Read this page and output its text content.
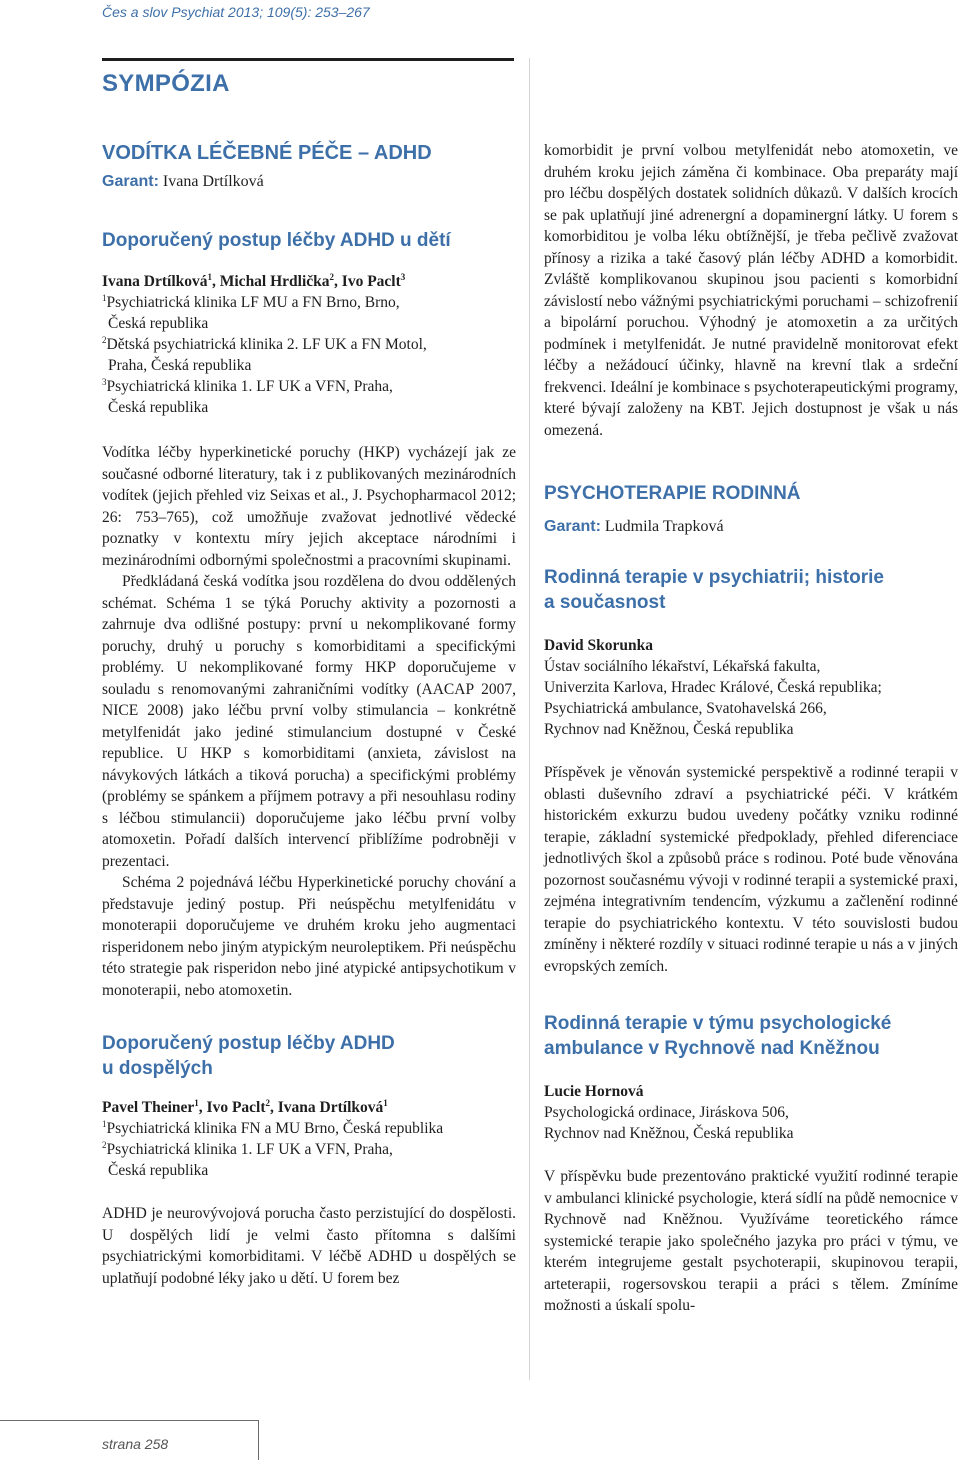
Čes a slov Psychiat 2013; 109(5): 253–267
SYMPÓZIA
VODÍTKA LÉČEBNÉ PÉČE – ADHD

Garant: Ivana Drtílková

Doporučený postup léčby ADHD u dětí

Ivana Drtílková$^1$, Michal Hrdlička$^2$, Ivo Paclt$^3$

$^1$Psychiatrická klinika LF MU a FN Brno, Brno,
Česká republika

$^2$Dětská psychiatrická klinika 2. LF UK a FN Motol,
Praha, Česká republika

$^3$Psychiatrická klinika 1. LF UK a VFN, Praha,
Česká republika

Vodítka léčby hyperkinetické poruchy (HKP) vycházejí jak ze současné odborné literatury, tak i z publikovaných mezinárodních vodítek (jejich přehled viz Seixas et al., J. Psychopharmacol 2012; 26: 753–765), což umožňuje zvažovat jednotlivé vědecké poznatky v kontextu míry jejich akceptace národními i mezinárodními odbornými společnostmi a pracovními skupinami.

Předkládaná česká vodítka jsou rozdělena do dvou oddělených schémat. Schéma 1 se týká Poruchy aktivity a pozornosti a zahrnuje dva odlišné postupy: první u nekomplikované formy poruchy, druhý u poruchy s komorbiditami a specifickými problémy. U nekomplikované formy HKP doporučujeme v souladu s renomovanými zahraničními vodítky (AACAP 2007, NICE 2008) jako léčbu první volby stimulancia – konkrétně metylfenidát jako jediné stimulancium dostupné v České republice. U HKP s komorbiditami (anxieta, závislost na návykových látkách a tiková porucha) a specifickými problémy (problémy se spánkem a příjmem potravy a při nesouhlasu rodiny s léčbou stimulancii) doporučujeme jako léčbu první volby atomoxetin. Pořadí dalších intervencí přiblížíme podrobněji v prezentaci.

Schéma 2 pojednává léčbu Hyperkinetické poruchy chování a představuje jediný postup. Při neúspěchu metylfenidátu v monoterapii doporučujeme ve druhém kroku jeho augmentaci risperidonem nebo jiným atypickým neuroleptikem. Při neúspěchu této strategie pak risperidon nebo jiné atypické antipsychotikum v monoterapii, nebo atomoxetin.

Doporučený postup léčby ADHD
u dospělých

Pavel Theiner$^1$, Ivo Paclt$^2$, Ivana Drtílková$^1$

$^1$Psychiatrická klinika FN a MU Brno, Česká republika

$^2$Psychiatrická klinika 1. LF UK a VFN, Praha,
Česká republika

ADHD je neurovývojová porucha často perzistující do dospělosti. U dospělých lidí je velmi často přítomna s dalšími psychiatrickými komorbiditami. V léčbě ADHD u dospělých se uplatňují podobné léky jako u dětí. U forem bez

komorbidit je první volbou metylfenidát nebo atomoxetin, ve druhém kroku jejich záměna či kombinace. Oba preparáty mají pro léčbu dospělých dostatek solidních důkazů. V dalších krocích se pak uplatňují jiné adrenergní a dopaminergní látky. U forem s komorbiditou je volba léku obtížnější, je třeba pečlivě zvažovat přínosy a rizika a také časový plán léčby ADHD a komorbidit. Zvláště komplikovanou skupinou jsou pacienti s komorbidní závislostí nebo vážnými psychiatrickými poruchami – schizofrenií a bipolární poruchou. Výhodný je atomoxetin a za určitých podmínek i metylfenidát. Je nutné pravidelně monitorovat efekt léčby a nežádoucí účinky, hlavně na krevní tlak a srdeční frekvenci. Ideální je kombinace s psychoterapeutickými programy, které bývají založeny na KBT. Jejich dostupnost je však u nás omezená.

PSYCHOTERAPIE RODINNÁ

Garant: Ludmila Trapková

Rodinná terapie v psychiatrii; historie
a současnost

David Skorunka

Ústav sociálního lékařství, Lékařská fakulta,
Univerzita Karlova, Hradec Králové, Česká republika;
Psychiatrická ambulance, Svatohavelská 266,
Rychnov nad Kněžnou, Česká republika

Příspěvek je věnován systemické perspektivě a rodinné terapii v oblasti duševního zdraví a psychiatrické péči. V krátkém historickém exkurzu budou uvedeny počátky vzniku rodinné terapie, základní systemické předpoklady, přehled diferenciace jednotlivých škol a způsobů práce s rodinou. Poté bude věnována pozornost současnému vývoji v rodinné terapii a systemické praxi, zejména integrativním tendencím, výzkumu a začlenění rodinné terapie do psychiatrického kontextu. V této souvislosti budou zmíněny i některé rozdíly v situaci rodinné terapie u nás a v jiných evropských zemích.

Rodinná terapie v týmu psychologické
ambulance v Rychnově nad Kněžnou

Lucie Hornová

Psychologická ordinace, Jiráskova 506,
Rychnov nad Kněžnou, Česká republika

V příspěvku bude prezentováno praktické využití rodinné terapie v ambulanci klinické psychologie, která sídlí na půdě nemocnice v Rychnově nad Kněžnou. Využíváme teoretického rámce systemické terapie jako společného jazyka pro práci v týmu, ve kterém integrujeme gestalt psychoterapii, skupinovou terapii, arteterapii, rogersovskou terapii a práci s tělem. Zmíníme možnosti a úskalí spolu-

strana 258
